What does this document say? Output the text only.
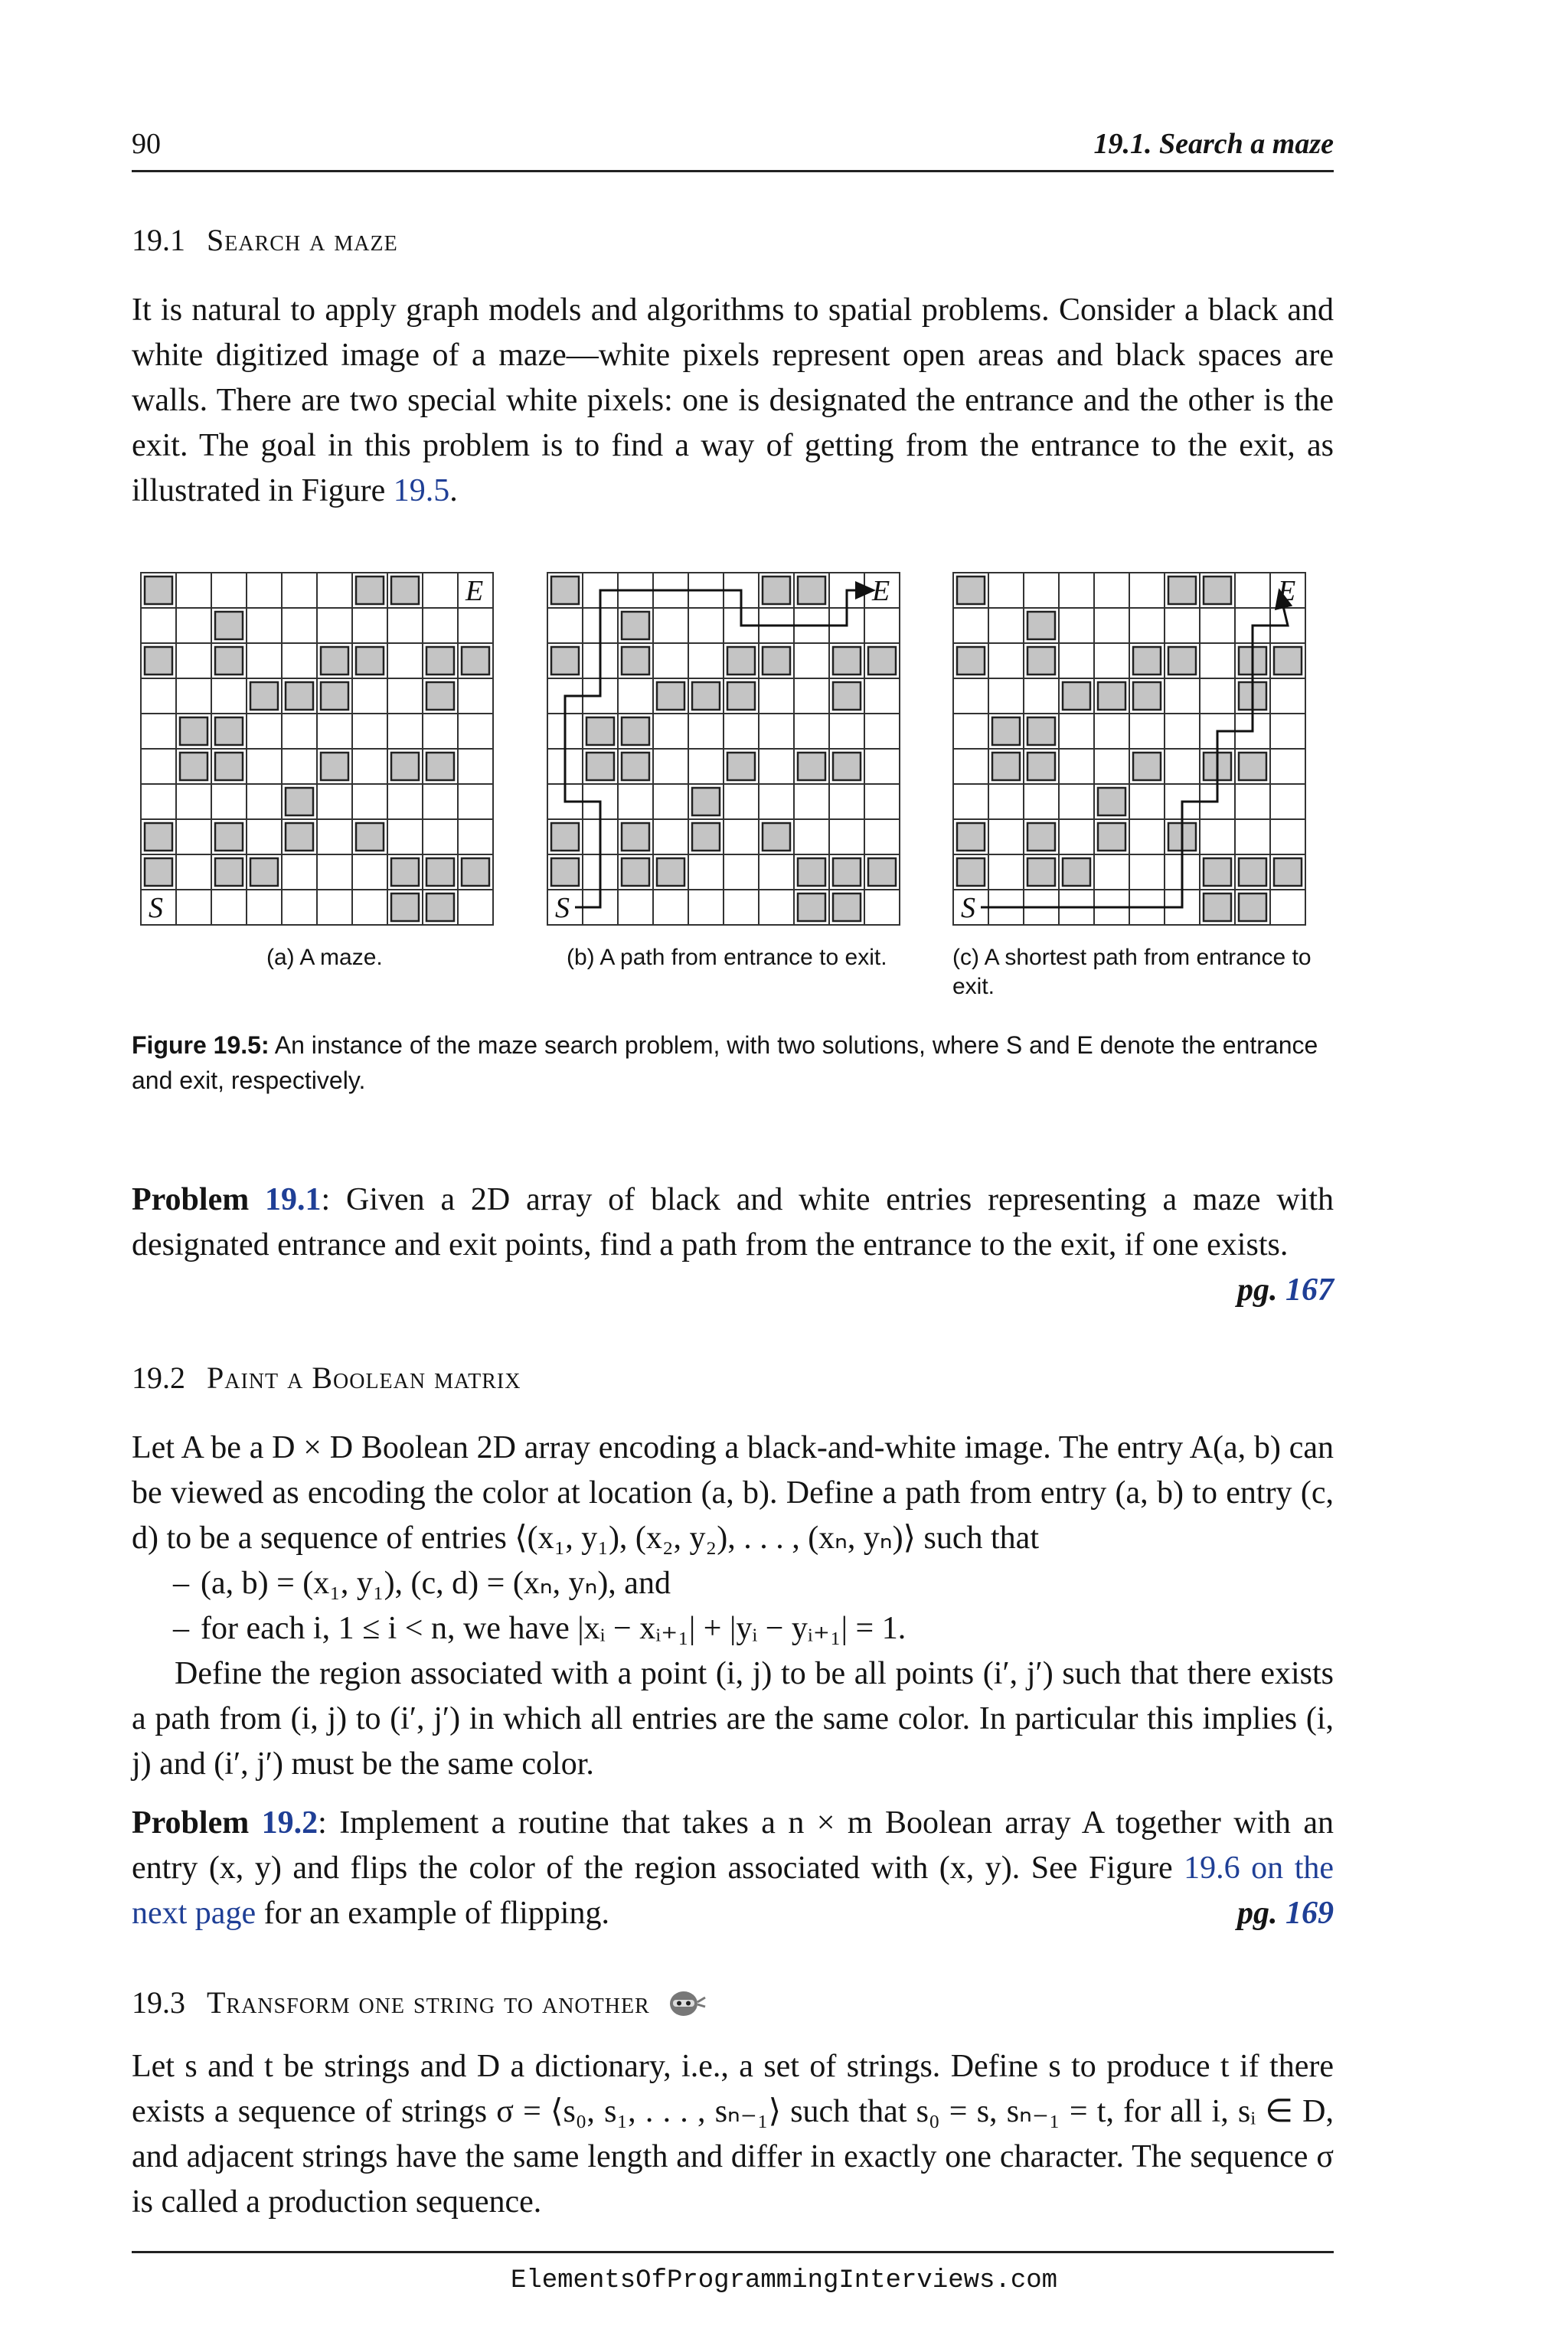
90	19.1. Search a maze
19.1 Search a maze

It is natural to apply graph models and algorithms to spatial problems. Consider a black and white digitized image of a maze—white pixels represent open areas and black spaces are walls. There are two special white pixels: one is designated the entrance and the other is the exit. The goal in this problem is to find a way of getting from the entrance to the exit, as illustrated in Figure 19.5.

S
E
S
E
S
E
(a) A maze.	(b) A path from entrance to exit.	(c) A shortest path from entrance to exit.
Figure 19.5: An instance of the maze search problem, with two solutions, where S and E denote the entrance and exit, respectively.

Problem 19.1: Given a 2D array of black and white entries representing a maze with designated entrance and exit points, find a path from the entrance to the exit, if one exists.
pg. 167

19.2 Paint a Boolean matrix

Let A be a D × D Boolean 2D array encoding a black-and-white image. The entry A(a, b) can be viewed as encoding the color at location (a, b). Define a path from entry (a, b) to entry (c, d) to be a sequence of entries ⟨(x₁, y₁), (x₂, y₂), . . . , (xₙ, yₙ)⟩ such that

– (a, b) = (x₁, y₁), (c, d) = (xₙ, yₙ), and

– for each i, 1 ≤ i < n, we have |xᵢ − xᵢ₊₁| + |yᵢ − yᵢ₊₁| = 1.

Define the region associated with a point (i, j) to be all points (i′, j′) such that there exists a path from (i, j) to (i′, j′) in which all entries are the same color. In particular this implies (i, j) and (i′, j′) must be the same color.

Problem 19.2: Implement a routine that takes a n × m Boolean array A together with an entry (x, y) and flips the color of the region associated with (x, y). See Figure 19.6 on the next page for an example of flipping.	pg. 169

19.3 Transform one string to another

Let s and t be strings and D a dictionary, i.e., a set of strings. Define s to produce t if there exists a sequence of strings σ = ⟨s₀, s₁, . . . , sₙ₋₁⟩ such that s₀ = s, sₙ₋₁ = t, for all i, sᵢ ∈ D, and adjacent strings have the same length and differ in exactly one character. The sequence σ is called a production sequence.

ElementsOfProgrammingInterviews.com
